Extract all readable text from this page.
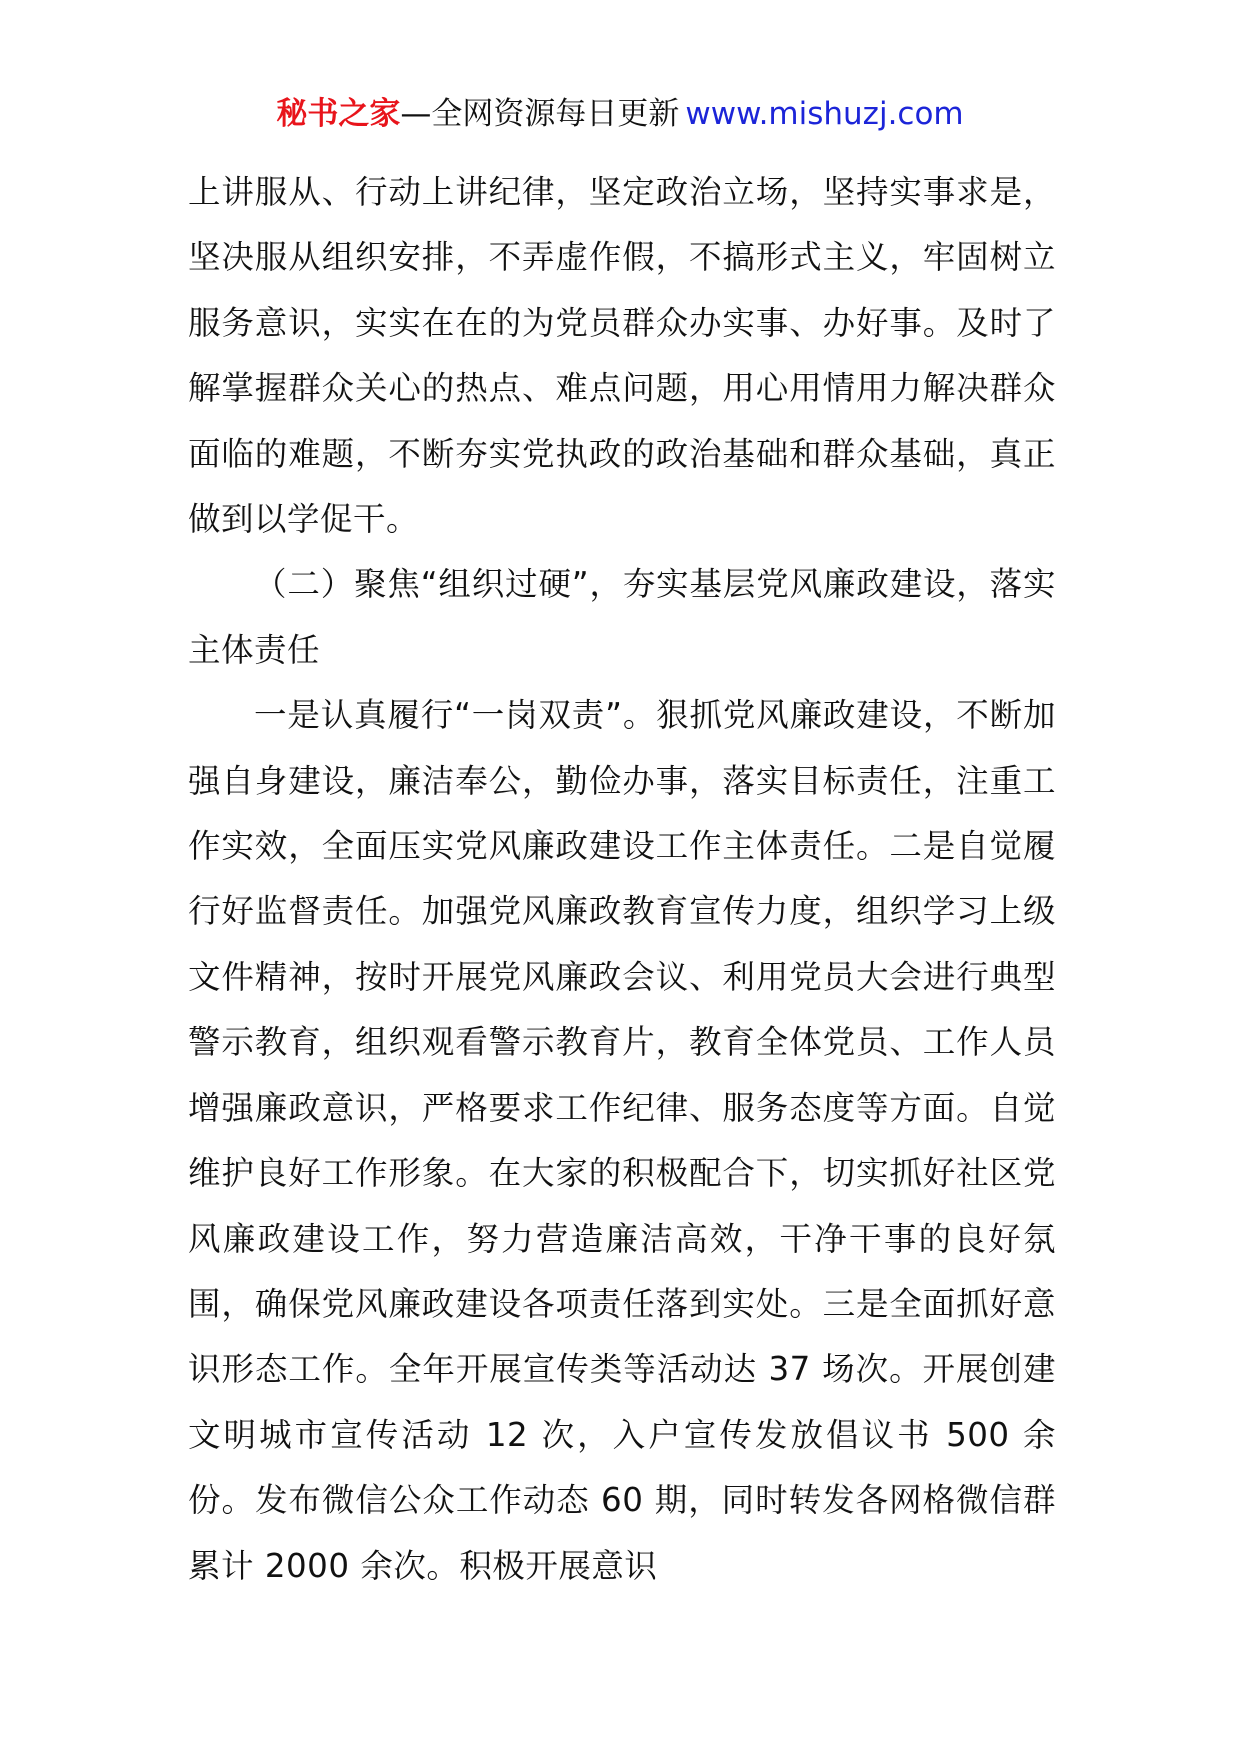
秘书之家—全网资源每日更新 www.mishuzj.com

上讲服从、行动上讲纪律，坚定政治立场，坚持实事求是，坚决服从组织安排，不弄虚作假，不搞形式主义，牢固树立服务意识，实实在在的为党员群众办实事、办好事。及时了解掌握群众关心的热点、难点问题，用心用情用力解决群众面临的难题，不断夯实党执政的政治基础和群众基础，真正做到以学促干。

（二）聚焦“组织过硬”，夯实基层党风廉政建设，落实主体责任

一是认真履行“一岗双责”。狠抓党风廉政建设，不断加强自身建设，廉洁奉公，勤俭办事，落实目标责任，注重工作实效，全面压实党风廉政建设工作主体责任。二是自觉履行好监督责任。加强党风廉政教育宣传力度，组织学习上级文件精神，按时开展党风廉政会议、利用党员大会进行典型警示教育，组织观看警示教育片，教育全体党员、工作人员增强廉政意识，严格要求工作纪律、服务态度等方面。自觉维护良好工作形象。在大家的积极配合下，切实抓好社区党风廉政建设工作，努力营造廉洁高效，干净干事的良好氛围，确保党风廉政建设各项责任落到实处。三是全面抓好意识形态工作。全年开展宣传类等活动达 37 场次。开展创建文明城市宣传活动 12 次，入户宣传发放倡议书 500 余份。发布微信公众工作动态 60 期，同时转发各网格微信群累计 2000 余次。积极开展意识
